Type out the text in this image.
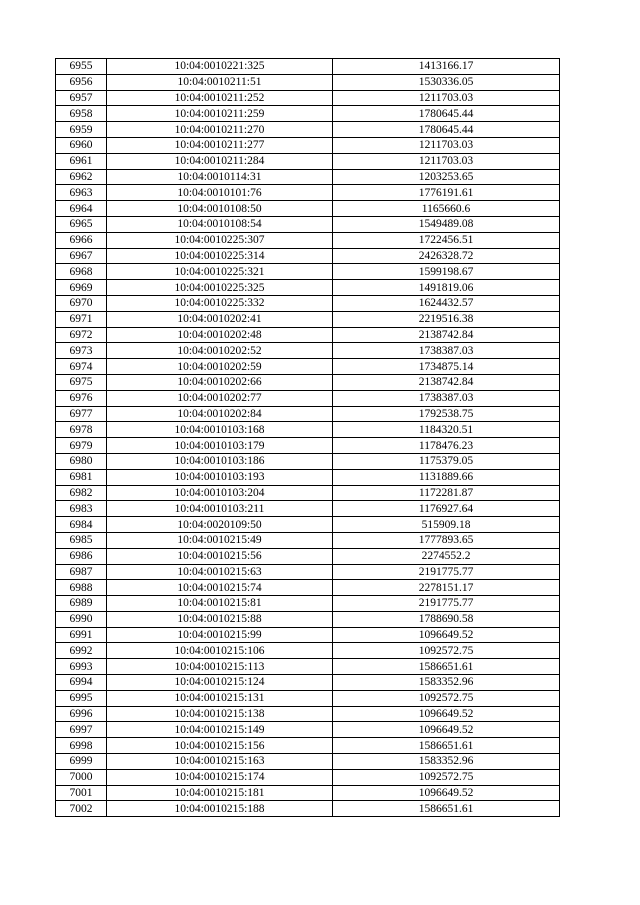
6955	10:04:0010221:325	1413166.17
6956	10:04:0010211:51	1530336.05
6957	10:04:0010211:252	1211703.03
6958	10:04:0010211:259	1780645.44
6959	10:04:0010211:270	1780645.44
6960	10:04:0010211:277	1211703.03
6961	10:04:0010211:284	1211703.03
6962	10:04:0010114:31	1203253.65
6963	10:04:0010101:76	1776191.61
6964	10:04:0010108:50	1165660.6
6965	10:04:0010108:54	1549489.08
6966	10:04:0010225:307	1722456.51
6967	10:04:0010225:314	2426328.72
6968	10:04:0010225:321	1599198.67
6969	10:04:0010225:325	1491819.06
6970	10:04:0010225:332	1624432.57
6971	10:04:0010202:41	2219516.38
6972	10:04:0010202:48	2138742.84
6973	10:04:0010202:52	1738387.03
6974	10:04:0010202:59	1734875.14
6975	10:04:0010202:66	2138742.84
6976	10:04:0010202:77	1738387.03
6977	10:04:0010202:84	1792538.75
6978	10:04:0010103:168	1184320.51
6979	10:04:0010103:179	1178476.23
6980	10:04:0010103:186	1175379.05
6981	10:04:0010103:193	1131889.66
6982	10:04:0010103:204	1172281.87
6983	10:04:0010103:211	1176927.64
6984	10:04:0020109:50	515909.18
6985	10:04:0010215:49	1777893.65
6986	10:04:0010215:56	2274552.2
6987	10:04:0010215:63	2191775.77
6988	10:04:0010215:74	2278151.17
6989	10:04:0010215:81	2191775.77
6990	10:04:0010215:88	1788690.58
6991	10:04:0010215:99	1096649.52
6992	10:04:0010215:106	1092572.75
6993	10:04:0010215:113	1586651.61
6994	10:04:0010215:124	1583352.96
6995	10:04:0010215:131	1092572.75
6996	10:04:0010215:138	1096649.52
6997	10:04:0010215:149	1096649.52
6998	10:04:0010215:156	1586651.61
6999	10:04:0010215:163	1583352.96
7000	10:04:0010215:174	1092572.75
7001	10:04:0010215:181	1096649.52
7002	10:04:0010215:188	1586651.61
